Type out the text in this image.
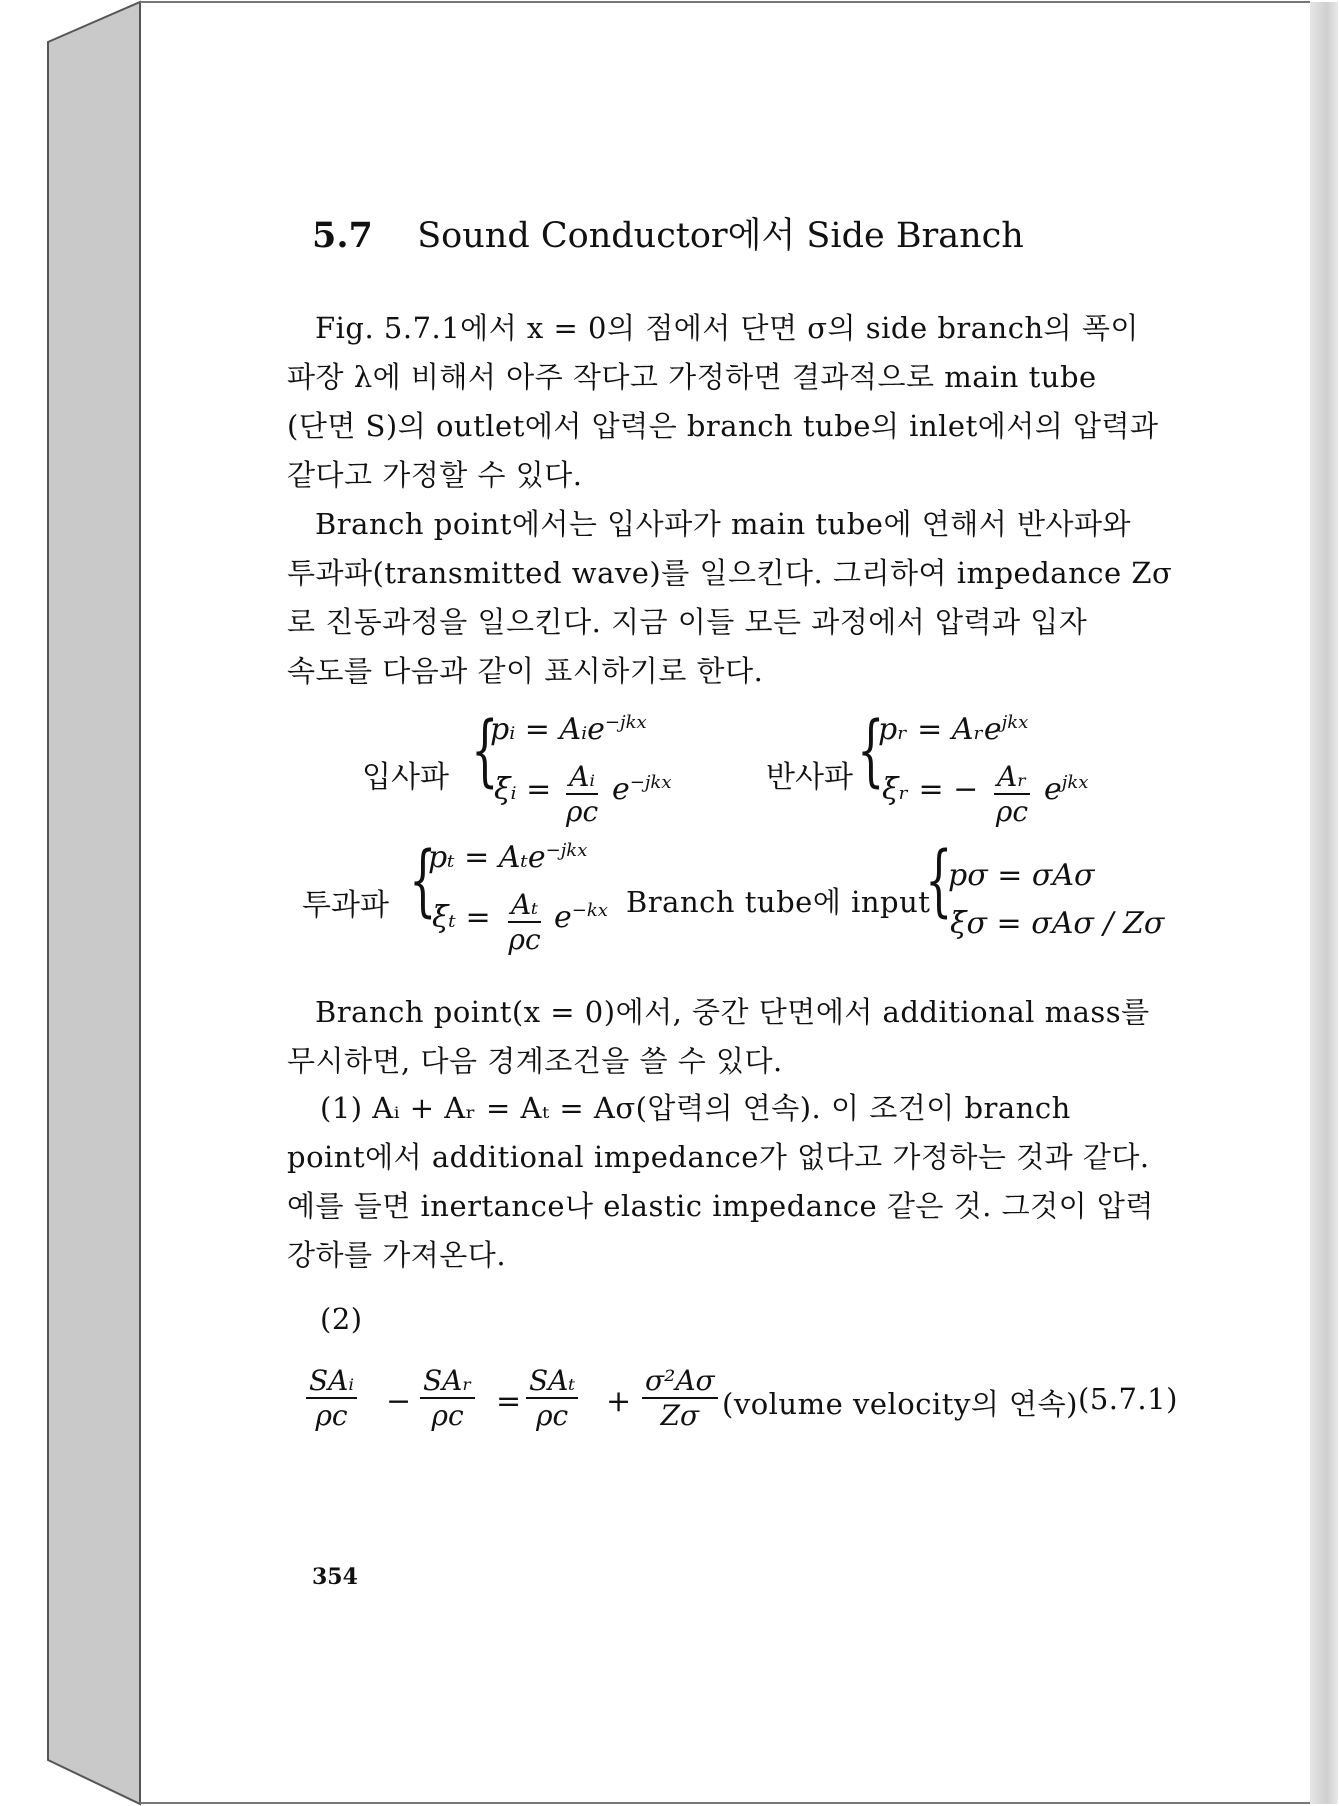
5.7 Sound Conductor에서 Side Branch
Fig. 5.7.1에서 x = 0의 점에서 단면 σ의 side branch의 폭이
파장 λ에 비해서 아주 작다고 가정하면 결과적으로 main tube
(단면 S)의 outlet에서 압력은 branch tube의 inlet에서의 압력과
같다고 가정할 수 있다.
Branch point에서는 입사파가 main tube에 연해서 반사파와
투과파(transmitted wave)를 일으킨다. 그리하여 impedance Zσ
로 진동과정을 일으킨다. 지금 이들 모든 과정에서 압력과 입자
속도를 다음과 같이 표시하기로 한다.
입사파 {
pᵢ = Aᵢe$^{-jkx}$
ξ̇ᵢ = $\frac{\text{Aᵢ}}{\rho c} e^{-jkx}$	반사파 {
pᵣ = Aᵣe$^{jkx}$
ξ̇ᵣ = − $\frac{\text{Aᵣ}}{\rho c} e^{jkx}$
투과파 {
pₜ = Aₜe$^{-jkx}$
ξ̇ₜ = $\frac{\text{Aₜ}}{\rho c} e^{-kx}$ Branch tube에 input
{
pσ = σAσ
ξ̇σ = σAσ / Zσ
Branch point(x = 0)에서, 중간 단면에서 additional mass를
무시하면, 다음 경계조건을 쓸 수 있다.
(1) Aᵢ + Aᵣ = Aₜ = Aσ(압력의 연속). 이 조건이 branch
point에서 additional impedance가 없다고 가정하는 것과 같다.
예를 들면 inertance나 elastic impedance 같은 것. 그것이 압력
강하를 가져온다.
(2)
SAᵢ
ρc	−
SAᵣ
ρc	=
SAₜ
ρc	+ $\frac{\text{σ²Aσ}}{Z\sigma}$ (volume velocity의 연속) (5.7.1)
354
